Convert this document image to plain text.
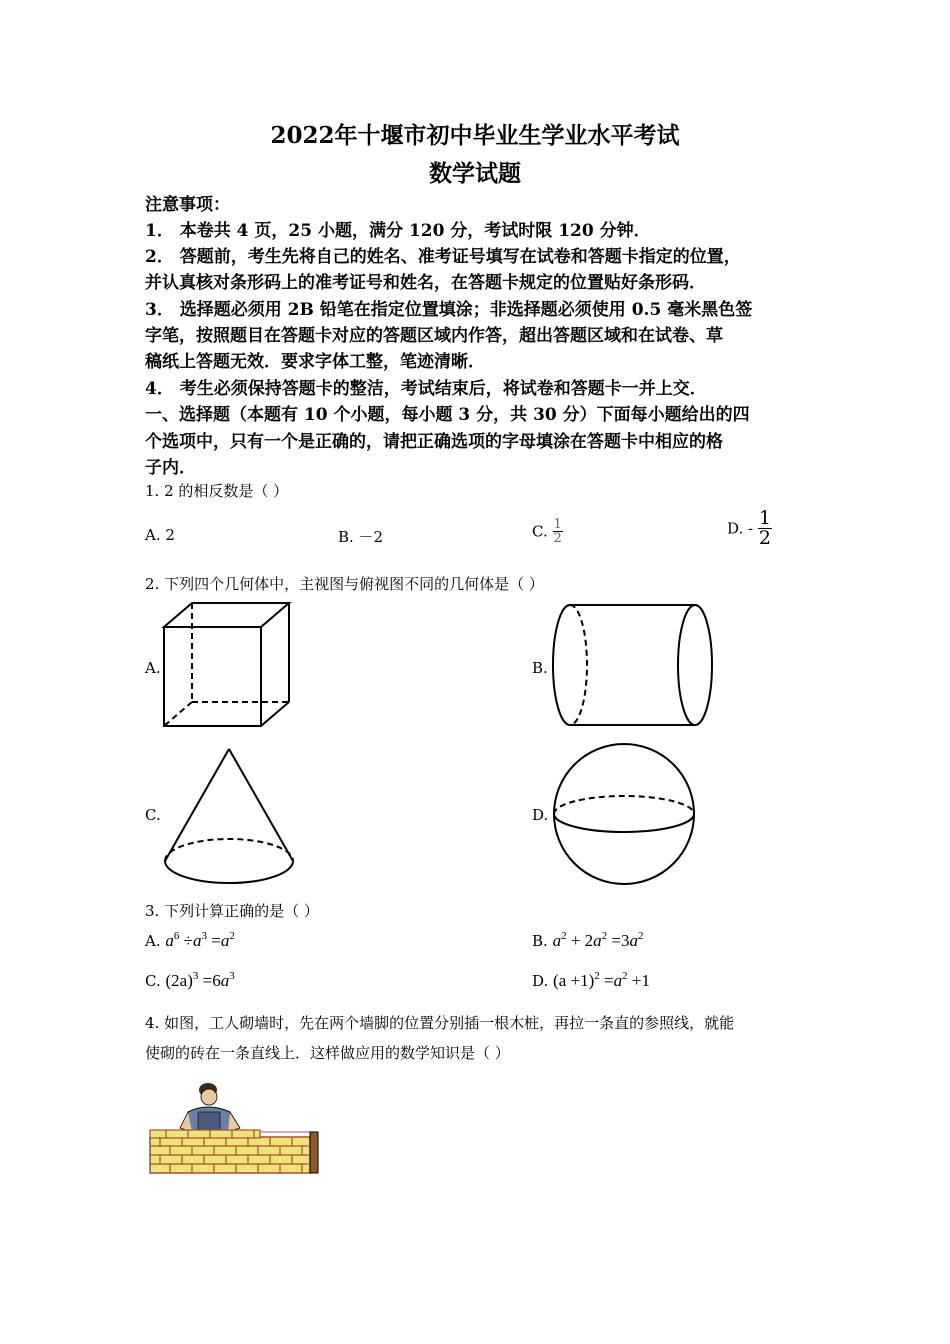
2022年十堰市初中毕业生学业水平考试
数学试题
注意事项：
1． 本卷共 4 页，25 小题，满分 120 分，考试时限 120 分钟．
2． 答题前，考生先将自己的姓名、准考证号填写在试卷和答题卡指定的位置，
并认真核对条形码上的准考证号和姓名，在答题卡规定的位置贴好条形码．
3． 选择题必须用 2B 铅笔在指定位置填涂；非选择题必须使用 0.5 毫米黑色签
字笔，按照题目在答题卡对应的答题区域内作答，超出答题区域和在试卷、草
稿纸上答题无效．要求字体工整，笔迹清晰．
4． 考生必须保持答题卡的整洁，考试结束后，将试卷和答题卡一并上交．
一、选择题（本题有 10 个小题，每小题 3 分，共 30 分）下面每小题给出的四
个选项中，只有一个是正确的，请把正确选项的字母填涂在答题卡中相应的格
子内．
1. 2 的相反数是（ ）
A. 2	B. －2	C. $\frac{1}{2}$	D. - $\frac{1}{2}$
2. 下列四个几何体中，主视图与俯视图不同的几何体是（ ）
A.	B.
C.	D.
3. 下列计算正确的是（ ）
A. $a^6 \div a^3 =a^2$	B. $a^2 + 2a^2 =3a^2$
C. $(2a)^3 =6a^3$	D. $(a +1)^2 =a^2 +1$
4. 如图，工人砌墙时，先在两个墙脚的位置分别插一根木桩，再拉一条直的参照线，就能
使砌的砖在一条直线上．这样做应用的数学知识是（ ）
